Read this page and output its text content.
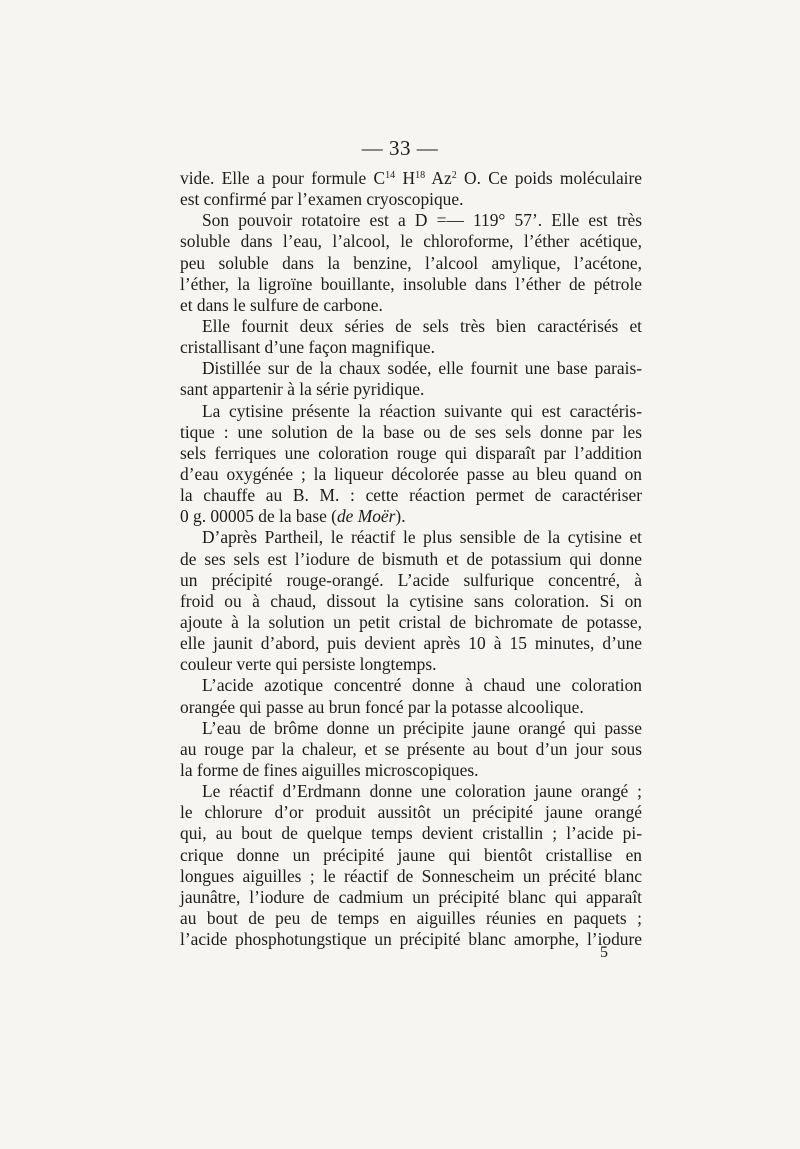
— 33 —
vide. Elle a pour formule $C^{14}$ $H^{18}$ Az$^2$ O. Ce poids moléculaire
est confirmé par l’examen cryoscopique.
Son pouvoir rotatoire est a D =— 119° 57’. Elle est très
soluble dans l’eau, l’alcool, le chloroforme, l’éther acétique,
peu soluble dans la benzine, l’alcool amylique, l’acétone,
l’éther, la ligroïne bouillante, insoluble dans l’éther de pétrole
et dans le sulfure de carbone.
Elle fournit deux séries de sels très bien caractérisés et
cristallisant d’une façon magnifique.
Distillée sur de la chaux sodée, elle fournit une base parais-
sant appartenir à la série pyridique.
La cytisine présente la réaction suivante qui est caractéris-
tique : une solution de la base ou de ses sels donne par les
sels ferriques une coloration rouge qui disparaît par l’addition
d’eau oxygénée ; la liqueur décolorée passe au bleu quand on
la chauffe au B. M. : cette réaction permet de caractériser
0 g. 00005 de la base (de Moër).
D’après Partheil, le réactif le plus sensible de la cytisine et
de ses sels est l’iodure de bismuth et de potassium qui donne
un précipité rouge-orangé. L’acide sulfurique concentré, à
froid ou à chaud, dissout la cytisine sans coloration. Si on
ajoute à la solution un petit cristal de bichromate de potasse,
elle jaunit d’abord, puis devient après 10 à 15 minutes, d’une
couleur verte qui persiste longtemps.
L’acide azotique concentré donne à chaud une coloration
orangée qui passe au brun foncé par la potasse alcoolique.
L’eau de brôme donne un précipite jaune orangé qui passe
au rouge par la chaleur, et se présente au bout d’un jour sous
la forme de fines aiguilles microscopiques.
Le réactif d’Erdmann donne une coloration jaune orangé ;
le chlorure d’or produit aussitôt un précipité jaune orangé
qui, au bout de quelque temps devient cristallin ; l’acide pi-
crique donne un précipité jaune qui bientôt cristallise en
longues aiguilles ; le réactif de Sonnescheim un précité blanc
jaunâtre, l’iodure de cadmium un précipité blanc qui apparaît
au bout de peu de temps en aiguilles réunies en paquets ;
l’acide phosphotungstique un précipité blanc amorphe, l’iodure
5
